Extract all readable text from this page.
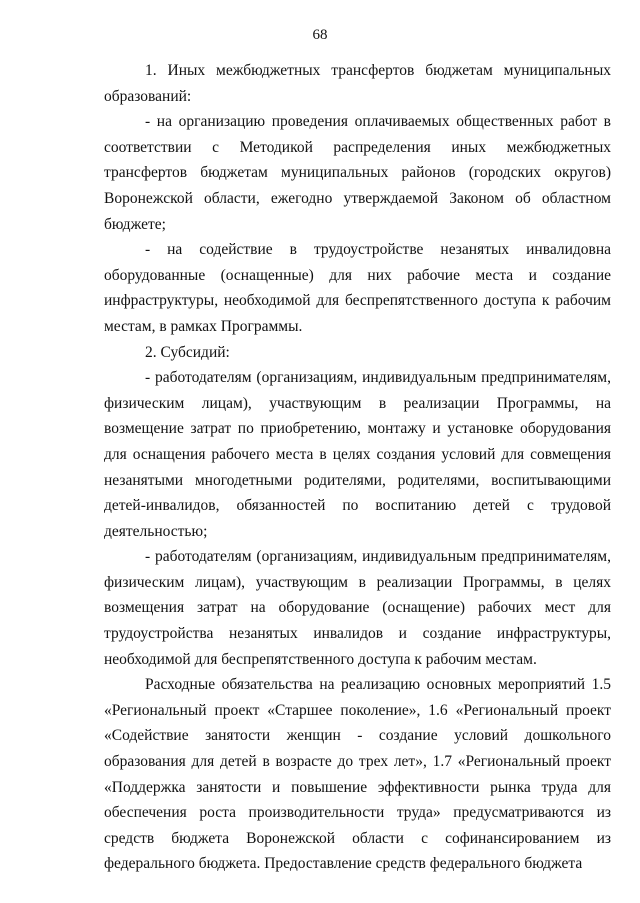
68

1. Иных межбюджетных трансфертов бюджетам муниципальных образований:

- на организацию проведения оплачиваемых общественных работ в соответствии с Методикой распределения иных межбюджетных трансфертов бюджетам муниципальных районов (городских округов) Воронежской области, ежегодно утверждаемой Законом об областном бюджете;

- на содействие в трудоустройстве незанятых инвалидовна оборудованные (оснащенные) для них рабочие места и создание инфраструктуры, необходимой для беспрепятственного доступа к рабочим местам, в рамках Программы.

2. Субсидий:

- работодателям (организациям, индивидуальным предпринимателям, физическим лицам), участвующим в реализации Программы, на возмещение затрат по приобретению, монтажу и установке оборудования для оснащения рабочего места в целях создания условий для совмещения незанятыми многодетными родителями, родителями, воспитывающими детей-инвалидов, обязанностей по воспитанию детей с трудовой деятельностью;

- работодателям (организациям, индивидуальным предпринимателям, физическим лицам), участвующим в реализации Программы, в целях возмещения затрат на оборудование (оснащение) рабочих мест для трудоустройства незанятых инвалидов и создание инфраструктуры, необходимой для беспрепятственного доступа к рабочим местам.

Расходные обязательства на реализацию основных мероприятий 1.5 «Региональный проект «Старшее поколение», 1.6 «Региональный проект «Содействие занятости женщин - создание условий дошкольного образования для детей в возрасте до трех лет», 1.7 «Региональный проект «Поддержка занятости и повышение эффективности рынка труда для обеспечения роста производительности труда» предусматриваются из средств бюджета Воронежской области с софинансированием из федерального бюджета. Предоставление средств федерального бюджета
